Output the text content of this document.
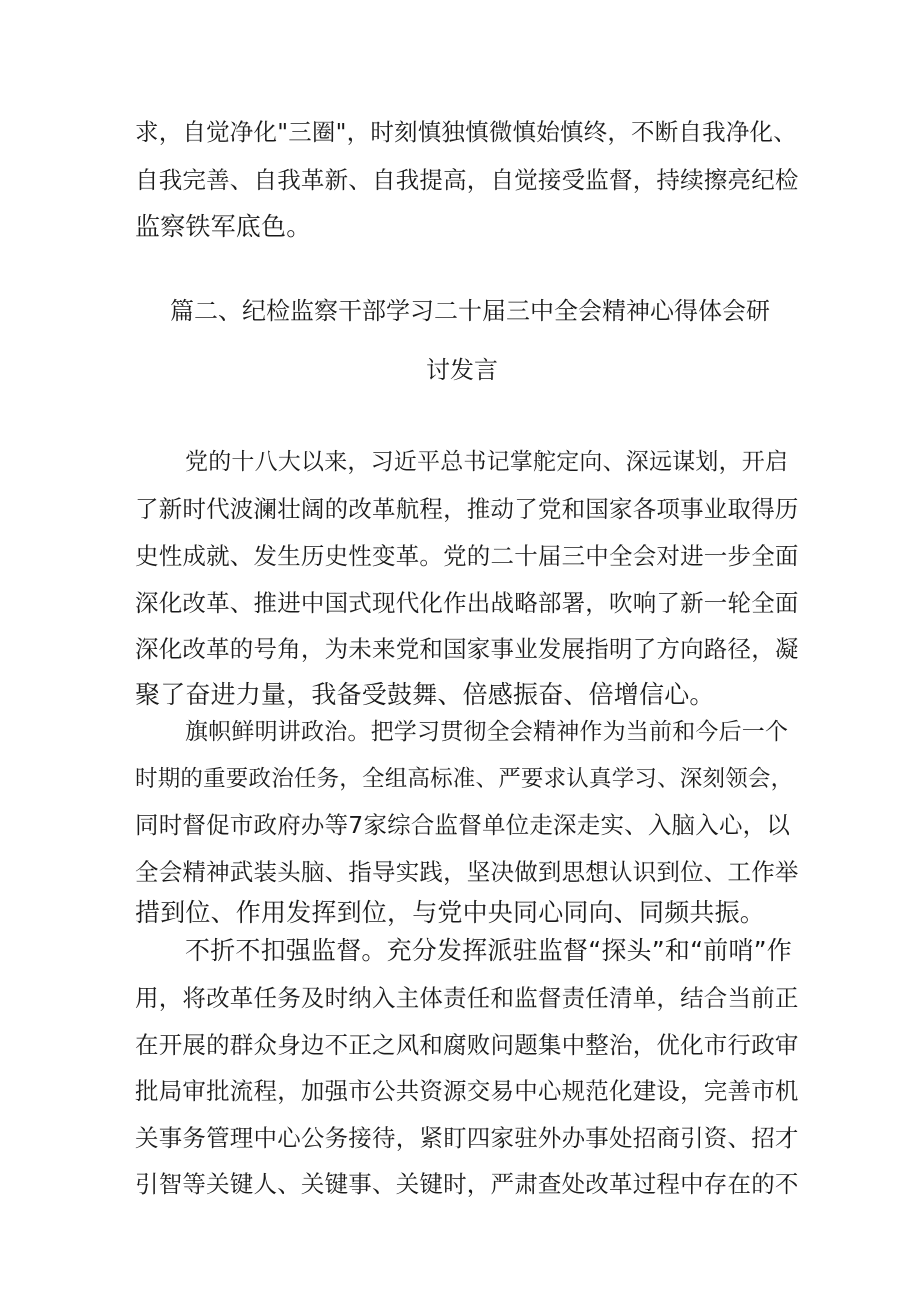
求，自觉净化"三圈"，时刻慎独慎微慎始慎终，不断自我净化、
自我完善、自我革新、自我提高，自觉接受监督，持续擦亮纪检
监察铁军底色。
篇二、纪检监察干部学习二十届三中全会精神心得体会研
讨发言
党的十八大以来，习近平总书记掌舵定向、深远谋划，开启
了新时代波澜壮阔的改革航程，推动了党和国家各项事业取得历
史性成就、发生历史性变革。党的二十届三中全会对进一步全面
深化改革、推进中国式现代化作出战略部署，吹响了新一轮全面
深化改革的号角，为未来党和国家事业发展指明了方向路径，凝
聚了奋进力量，我备受鼓舞、倍感振奋、倍增信心。
旗帜鲜明讲政治。把学习贯彻全会精神作为当前和今后一个
时期的重要政治任务，全组高标准、严要求认真学习、深刻领会，
同时督促市政府办等7家综合监督单位走深走实、入脑入心，以
全会精神武装头脑、指导实践，坚决做到思想认识到位、工作举
措到位、作用发挥到位，与党中央同心同向、同频共振。
不折不扣强监督。充分发挥派驻监督“探头”和“前哨”作
用，将改革任务及时纳入主体责任和监督责任清单，结合当前正
在开展的群众身边不正之风和腐败问题集中整治，优化市行政审
批局审批流程，加强市公共资源交易中心规范化建设，完善市机
关事务管理中心公务接待，紧盯四家驻外办事处招商引资、招才
引智等关键人、关键事、关键时，严肃查处改革过程中存在的不
